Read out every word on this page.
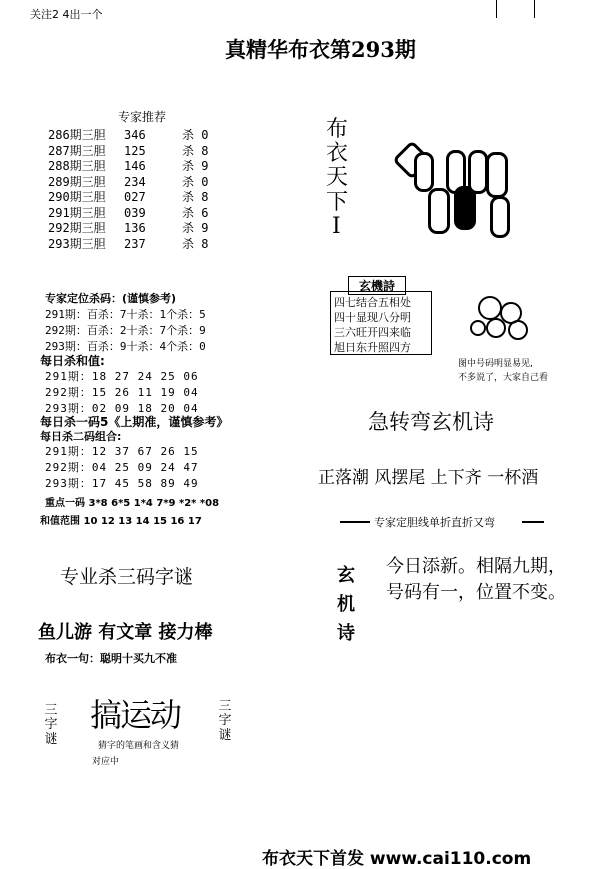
关注2 4出一个
真精华布衣第293期
专家推荐
286期三胆 346	杀 0
287期三胆 125	杀 8
288期三胆 146	杀 9
289期三胆 234	杀 0
290期三胆 027	杀 8
291期三胆 039	杀 6
292期三胆 136	杀 9
293期三胆 237	杀 8
专家定位杀码：(谨慎参考)
291期：百杀：7十杀：1个杀：5
292期：百杀：2十杀：7个杀：9
293期：百杀：9十杀：4个杀：0
每日杀和值:
291期：18 27 24 25 06
292期：15 26 11 19 04
293期：02 09 18 20 04
每日杀一码5《上期准，谨慎参考》
每日杀二码组合:
291期：12 37 67 26 15
292期：04 25 09 24 47
293期：17 45 58 89 49
重点一码 3*8 6*5 1*4 7*9 *2* *08
和值范围 10 12 13 14 15 16 17
专业杀三码字谜
鱼儿游 有文章 接力棒
布衣一句：聪明十买九不准
三字谜
搞运动	三字谜
猜字的笔画和含义猜
对应中
布衣天下
I
玄機詩
四七结合五相处
四十显现八分明
三六旺开四来临
旭日东升照四方
图中号码明显易见,
不多说了，大家自己看
急转弯玄机诗
正落潮 风摆尾 上下齐 一杯酒
专家定胆线单折直折又弯
玄机诗
今日添新。相隔九期，
号码有一，位置不变。
布衣天下首发 www.cai110.com
